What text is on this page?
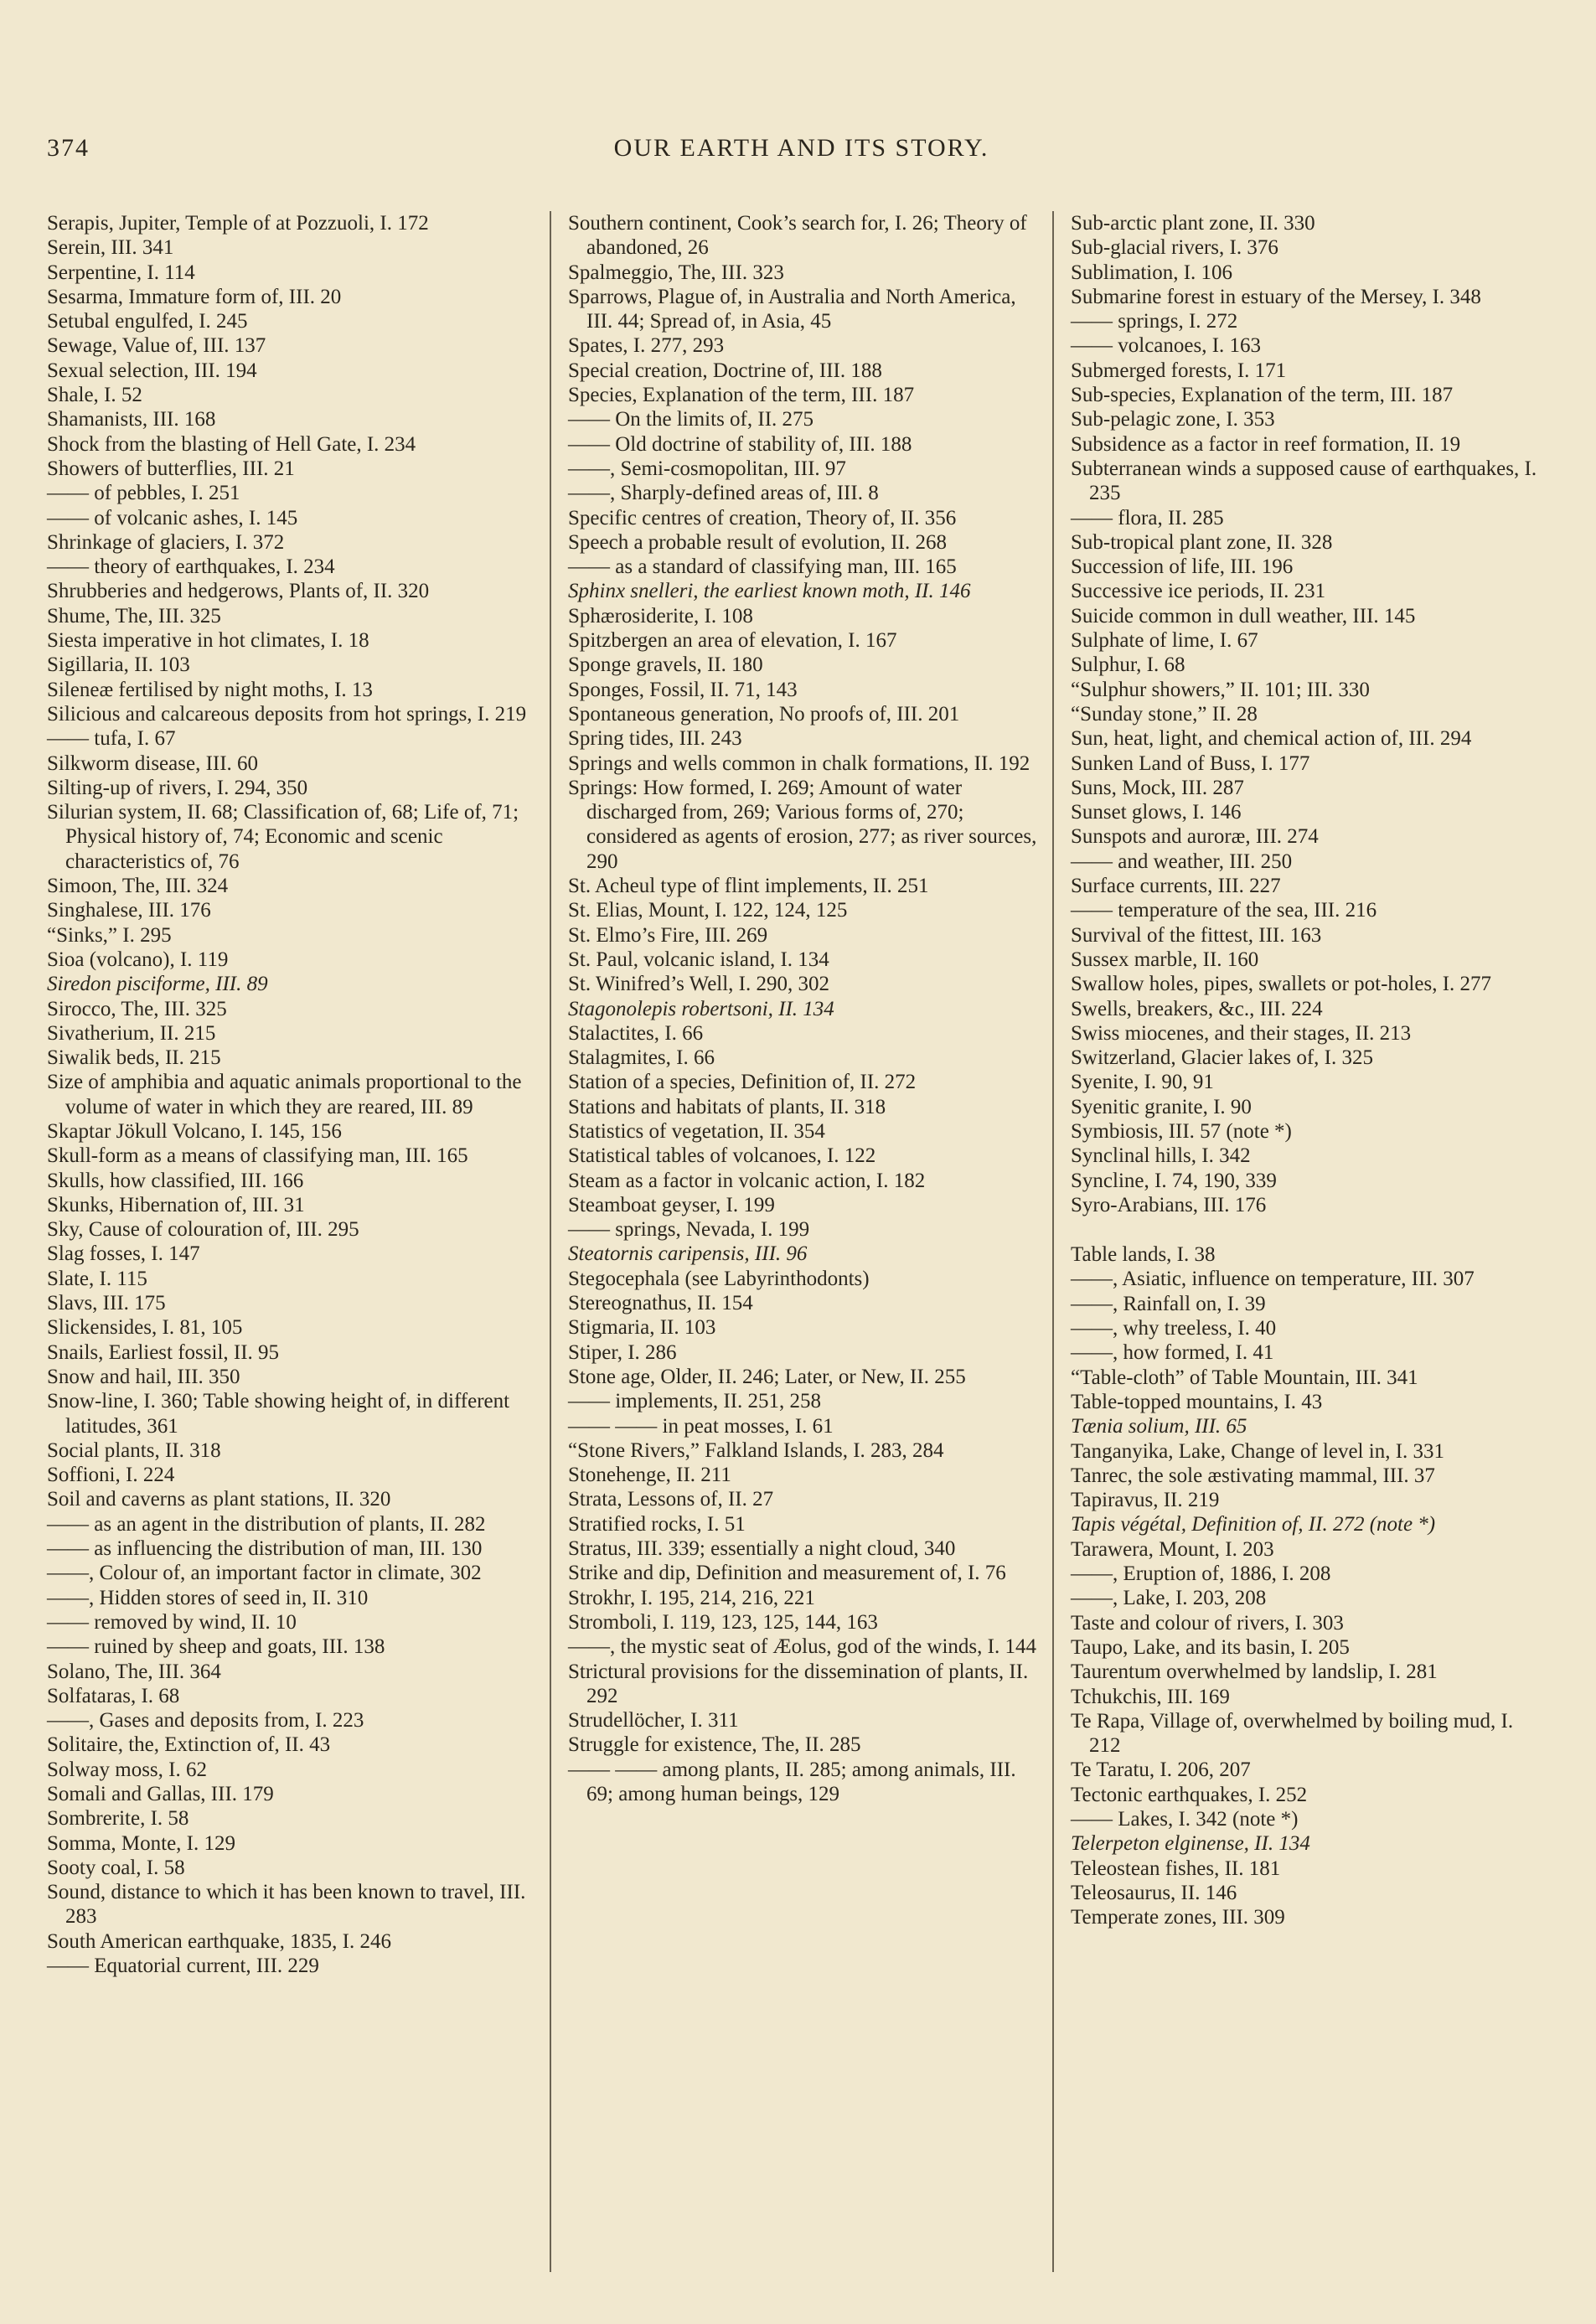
374	OUR EARTH AND ITS STORY.

Serapis, Jupiter, Temple of at Pozzuoli, I. 172

Serein, III. 341

Serpentine, I. 114

Sesarma, Immature form of, III. 20

Setubal engulfed, I. 245

Sewage, Value of, III. 137

Sexual selection, III. 194

Shale, I. 52

Shamanists, III. 168

Shock from the blasting of Hell Gate, I. 234

Showers of butterflies, III. 21

—— of pebbles, I. 251

—— of volcanic ashes, I. 145

Shrinkage of glaciers, I. 372

—— theory of earthquakes, I. 234

Shrubberies and hedgerows, Plants of, II. 320

Shume, The, III. 325

Siesta imperative in hot climates, I. 18

Sigillaria, II. 103

Sileneæ fertilised by night moths, I. 13

Silicious and calcareous deposits from hot springs, I. 219

—— tufa, I. 67

Silkworm disease, III. 60

Silting-up of rivers, I. 294, 350

Silurian system, II. 68; Classification of, 68; Life of, 71; Physical history of, 74; Economic and scenic characteristics of, 76

Simoon, The, III. 324

Singhalese, III. 176

“Sinks,” I. 295

Sioa (volcano), I. 119

Siredon pisciforme, III. 89

Sirocco, The, III. 325

Sivatherium, II. 215

Siwalik beds, II. 215

Size of amphibia and aquatic animals proportional to the volume of water in which they are reared, III. 89

Skaptar Jökull Volcano, I. 145, 156

Skull-form as a means of classifying man, III. 165

Skulls, how classified, III. 166

Skunks, Hibernation of, III. 31

Sky, Cause of colouration of, III. 295

Slag fosses, I. 147

Slate, I. 115

Slavs, III. 175

Slickensides, I. 81, 105

Snails, Earliest fossil, II. 95

Snow and hail, III. 350

Snow-line, I. 360; Table showing height of, in different latitudes, 361

Social plants, II. 318

Soffioni, I. 224

Soil and caverns as plant stations, II. 320

—— as an agent in the distribution of plants, II. 282

—— as influencing the distribution of man, III. 130

——, Colour of, an important factor in climate, 302

——, Hidden stores of seed in, II. 310

—— removed by wind, II. 10

—— ruined by sheep and goats, III. 138

Solano, The, III. 364

Solfataras, I. 68

——, Gases and deposits from, I. 223

Solitaire, the, Extinction of, II. 43

Solway moss, I. 62

Somali and Gallas, III. 179

Sombrerite, I. 58

Somma, Monte, I. 129

Sooty coal, I. 58

Sound, distance to which it has been known to travel, III. 283

South American earthquake, 1835, I. 246

—— Equatorial current, III. 229

Southern continent, Cook’s search for, I. 26; Theory of abandoned, 26

Spalmeggio, The, III. 323

Sparrows, Plague of, in Australia and North America, III. 44; Spread of, in Asia, 45

Spates, I. 277, 293

Special creation, Doctrine of, III. 188

Species, Explanation of the term, III. 187

—— On the limits of, II. 275

—— Old doctrine of stability of, III. 188

——, Semi-cosmopolitan, III. 97

——, Sharply-defined areas of, III. 8

Specific centres of creation, Theory of, II. 356

Speech a probable result of evolution, II. 268

—— as a standard of classifying man, III. 165

Sphinx snelleri, the earliest known moth, II. 146

Sphærosiderite, I. 108

Spitzbergen an area of elevation, I. 167

Sponge gravels, II. 180

Sponges, Fossil, II. 71, 143

Spontaneous generation, No proofs of, III. 201

Spring tides, III. 243

Springs and wells common in chalk formations, II. 192

Springs: How formed, I. 269; Amount of water discharged from, 269; Various forms of, 270; considered as agents of erosion, 277; as river sources, 290

St. Acheul type of flint implements, II. 251

St. Elias, Mount, I. 122, 124, 125

St. Elmo’s Fire, III. 269

St. Paul, volcanic island, I. 134

St. Winifred’s Well, I. 290, 302

Stagonolepis robertsoni, II. 134

Stalactites, I. 66

Stalagmites, I. 66

Station of a species, Definition of, II. 272

Stations and habitats of plants, II. 318

Statistics of vegetation, II. 354

Statistical tables of volcanoes, I. 122

Steam as a factor in volcanic action, I. 182

Steamboat geyser, I. 199

—— springs, Nevada, I. 199

Steatornis caripensis, III. 96

Stegocephala (see Labyrinthodonts)

Stereognathus, II. 154

Stigmaria, II. 103

Stiper, I. 286

Stone age, Older, II. 246; Later, or New, II. 255

—— implements, II. 251, 258

—— —— in peat mosses, I. 61

“Stone Rivers,” Falkland Islands, I. 283, 284

Stonehenge, II. 211

Strata, Lessons of, II. 27

Stratified rocks, I. 51

Stratus, III. 339; essentially a night cloud, 340

Strike and dip, Definition and measurement of, I. 76

Strokhr, I. 195, 214, 216, 221

Stromboli, I. 119, 123, 125, 144, 163

——, the mystic seat of Æolus, god of the winds, I. 144

Strictural provisions for the dissemination of plants, II. 292

Strudellöcher, I. 311

Struggle for existence, The, II. 285

—— —— among plants, II. 285; among animals, III. 69; among human beings, 129

Sub-arctic plant zone, II. 330

Sub-glacial rivers, I. 376

Sublimation, I. 106

Submarine forest in estuary of the Mersey, I. 348

—— springs, I. 272

—— volcanoes, I. 163

Submerged forests, I. 171

Sub-species, Explanation of the term, III. 187

Sub-pelagic zone, I. 353

Subsidence as a factor in reef formation, II. 19

Subterranean winds a supposed cause of earthquakes, I. 235

—— flora, II. 285

Sub-tropical plant zone, II. 328

Succession of life, III. 196

Successive ice periods, II. 231

Suicide common in dull weather, III. 145

Sulphate of lime, I. 67

Sulphur, I. 68

“Sulphur showers,” II. 101; III. 330

“Sunday stone,” II. 28

Sun, heat, light, and chemical action of, III. 294

Sunken Land of Buss, I. 177

Suns, Mock, III. 287

Sunset glows, I. 146

Sunspots and auroræ, III. 274

—— and weather, III. 250

Surface currents, III. 227

—— temperature of the sea, III. 216

Survival of the fittest, III. 163

Sussex marble, II. 160

Swallow holes, pipes, swallets or pot-holes, I. 277

Swells, breakers, &c., III. 224

Swiss miocenes, and their stages, II. 213

Switzerland, Glacier lakes of, I. 325

Syenite, I. 90, 91

Syenitic granite, I. 90

Symbiosis, III. 57 (note *)

Synclinal hills, I. 342

Syncline, I. 74, 190, 339

Syro-Arabians, III. 176

Table lands, I. 38

——, Asiatic, influence on temperature, III. 307

——, Rainfall on, I. 39

——, why treeless, I. 40

——, how formed, I. 41

“Table-cloth” of Table Mountain, III. 341

Table-topped mountains, I. 43

Tænia solium, III. 65

Tanganyika, Lake, Change of level in, I. 331

Tanrec, the sole æstivating mammal, III. 37

Tapiravus, II. 219

Tapis végétal, Definition of, II. 272 (note *)

Tarawera, Mount, I. 203

——, Eruption of, 1886, I. 208

——, Lake, I. 203, 208

Taste and colour of rivers, I. 303

Taupo, Lake, and its basin, I. 205

Taurentum overwhelmed by landslip, I. 281

Tchukchis, III. 169

Te Rapa, Village of, overwhelmed by boiling mud, I. 212

Te Taratu, I. 206, 207

Tectonic earthquakes, I. 252

—— Lakes, I. 342 (note *)

Telerpeton elginense, II. 134

Teleostean fishes, II. 181

Teleosaurus, II. 146

Temperate zones, III. 309
